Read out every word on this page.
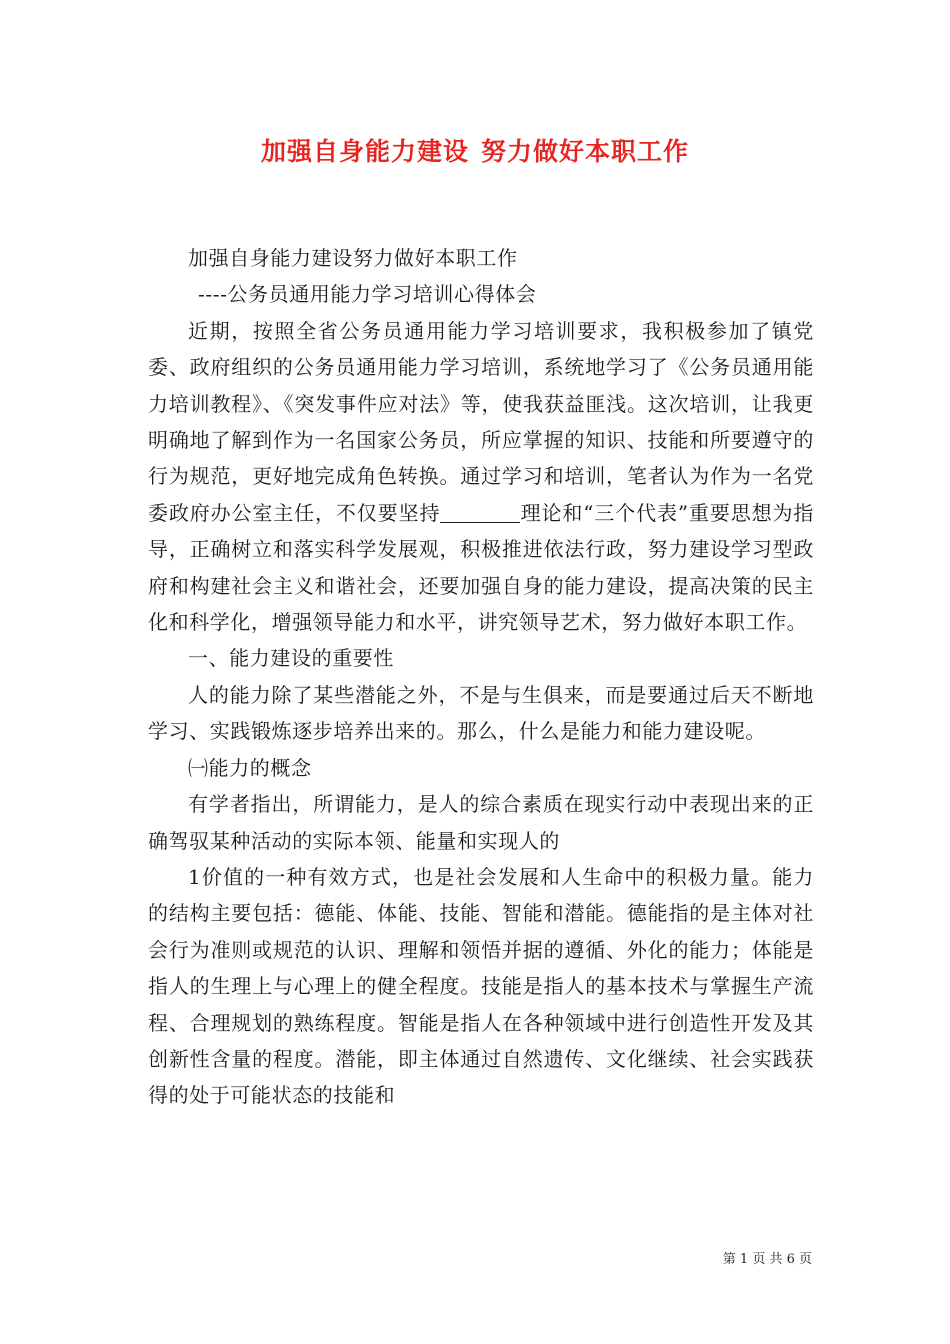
加强自身能力建设 努力做好本职工作

加强自身能力建设努力做好本职工作

----公务员通用能力学习培训心得体会

近期，按照全省公务员通用能力学习培训要求，我积极参加了镇党委、政府组织的公务员通用能力学习培训，系统地学习了《公务员通用能力培训教程》、《突发事件应对法》等，使我获益匪浅。这次培训，让我更明确地了解到作为一名国家公务员，所应掌握的知识、技能和所要遵守的行为规范，更好地完成角色转换。通过学习和培训，笔者认为作为一名党委政府办公室主任，不仅要坚持	理论和“三个代表”重要思想为指导，正确树立和落实科学发展观，积极推进依法行政，努力建设学习型政府和构建社会主义和谐社会，还要加强自身的能力建设，提高决策的民主化和科学化，增强领导能力和水平，讲究领导艺术，努力做好本职工作。

一、能力建设的重要性

人的能力除了某些潜能之外，不是与生俱来，而是要通过后天不断地学习、实践锻炼逐步培养出来的。那么，什么是能力和能力建设呢。

㈠能力的概念

有学者指出，所谓能力，是人的综合素质在现实行动中表现出来的正确驾驭某种活动的实际本领、能量和实现人的

1价值的一种有效方式，也是社会发展和人生命中的积极力量。能力的结构主要包括：德能、体能、技能、智能和潜能。德能指的是主体对社会行为准则或规范的认识、理解和领悟并据的遵循、外化的能力；体能是指人的生理上与心理上的健全程度。技能是指人的基本技术与掌握生产流程、合理规划的熟练程度。智能是指人在各种领域中进行创造性开发及其创新性含量的程度。潜能，即主体通过自然遗传、文化继续、社会实践获得的处于可能状态的技能和

第 1 页 共 6 页
